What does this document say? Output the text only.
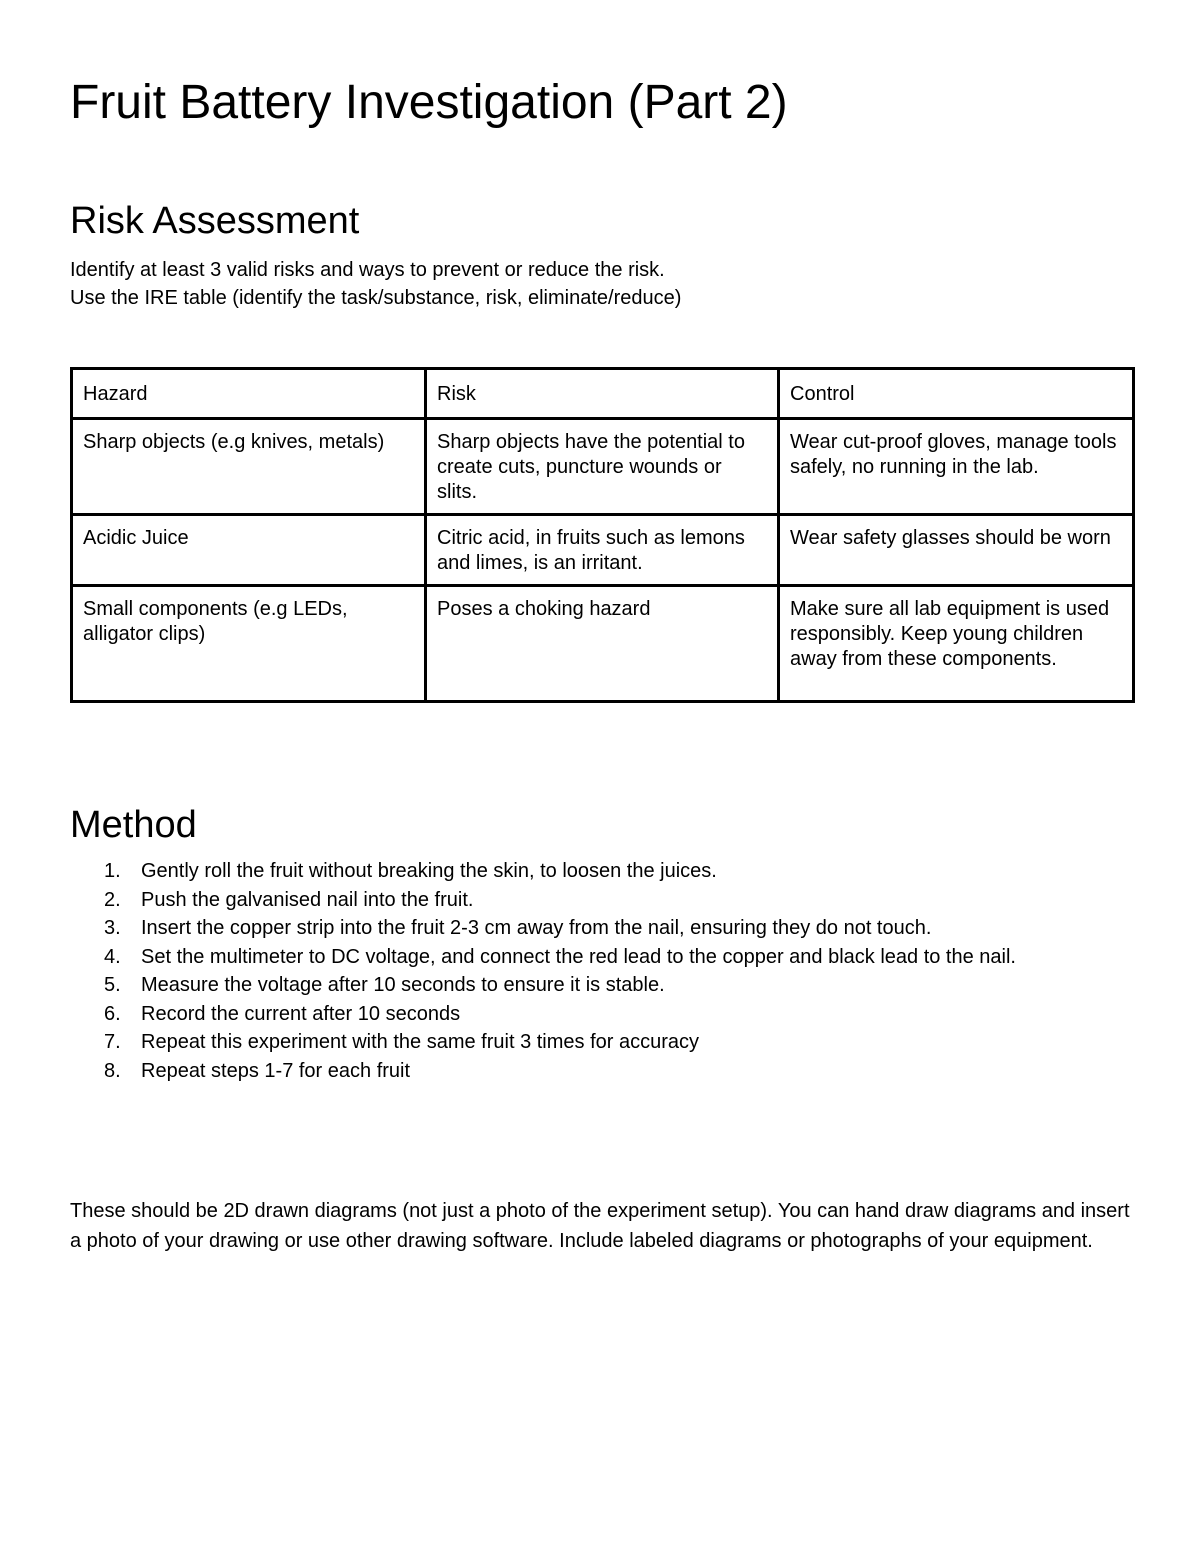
Fruit Battery Investigation (Part 2)
Risk Assessment

Identify at least 3 valid risks and ways to prevent or reduce the risk.

Use the IRE table (identify the task/substance, risk, eliminate/reduce)

Hazard	Risk	Control
Sharp objects (e.g knives, metals)	Sharp objects have the potential to create cuts, puncture wounds or slits.	Wear cut-proof gloves, manage tools safely, no running in the lab.
Acidic Juice	Citric acid, in fruits such as lemons and limes, is an irritant.	Wear safety glasses should be worn
Small components (e.g LEDs, alligator clips)	Poses a choking hazard	Make sure all lab equipment is used responsibly. Keep young children away from these components.
Method
1. Gently roll the fruit without breaking the skin, to loosen the juices.
2. Push the galvanised nail into the fruit.
3. Insert the copper strip into the fruit 2-3 cm away from the nail, ensuring they do not touch.
4. Set the multimeter to DC voltage, and connect the red lead to the copper and black lead to the nail.
5. Measure the voltage after 10 seconds to ensure it is stable.
6. Record the current after 10 seconds
7. Repeat this experiment with the same fruit 3 times for accuracy
8. Repeat steps 1-7 for each fruit

These should be 2D drawn diagrams (not just a photo of the experiment setup). You can hand draw diagrams and insert a photo of your drawing or use other drawing software. Include labeled diagrams or photographs of your equipment.
